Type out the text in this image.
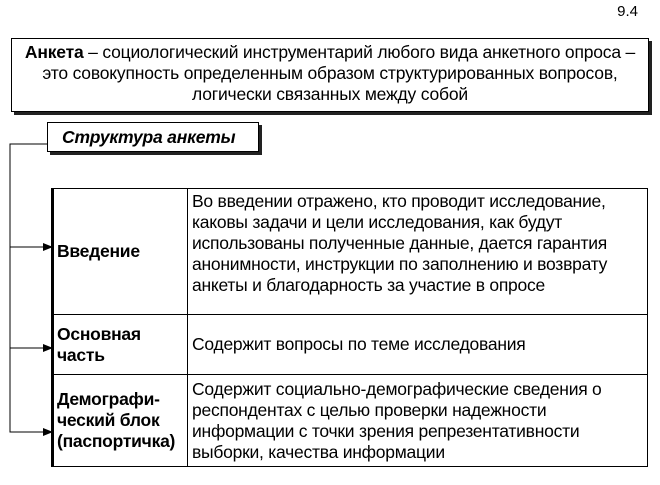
9.4
Анкета – социологический инструментарий любого вида анкетного опроса – это совокупность определенным образом структурированных вопросов, логически связанных между собой
Структура анкеты
Введение	Во введении отражено, кто проводит исследование, каковы задачи и цели исследования, как будут использованы полученные данные, дается гарантия анонимности, инструкции по заполнению и возврату анкеты и благодарность за участие в опросе
Основная часть	Содержит вопросы по теме исследования
Демографи-ческий блок (паспортичка)	Содержит социально-демографические сведения о респондентах с целью проверки надежности информации с точки зрения репрезентативности выборки, качества информации
